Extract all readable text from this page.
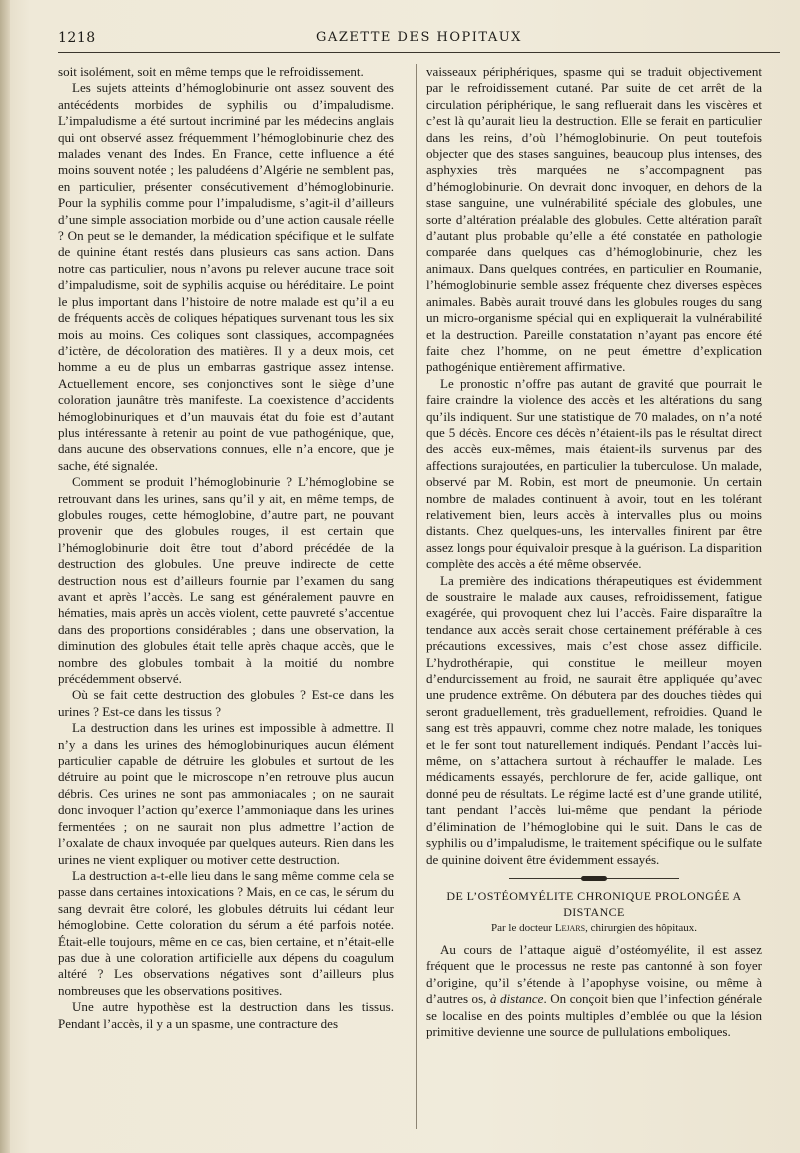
1218	GAZETTE DES HOPITAUX

soit isolément, soit en même temps que le refroidissement.

Les sujets atteints d’hémoglobinurie ont assez souvent des antécédents morbides de syphilis ou d’impaludisme. L’impaludisme a été surtout incriminé par les médecins anglais qui ont observé assez fréquemment l’hémoglobinurie chez des malades venant des Indes. En France, cette influence a été moins souvent notée ; les paludéens d’Algérie ne semblent pas, en particulier, présenter consécutivement d’hémoglobinurie. Pour la syphilis comme pour l’impaludisme, s’agit-il d’ailleurs d’une simple association morbide ou d’une action causale réelle ? On peut se le demander, la médication spécifique et le sulfate de quinine étant restés dans plusieurs cas sans action. Dans notre cas particulier, nous n’avons pu relever aucune trace soit d’impaludisme, soit de syphilis acquise ou héréditaire. Le point le plus important dans l’histoire de notre malade est qu’il a eu de fréquents accès de coliques hépatiques survenant tous les six mois au moins. Ces coliques sont classiques, accompagnées d’ictère, de décoloration des matières. Il y a deux mois, cet homme a eu de plus un embarras gastrique assez intense. Actuellement encore, ses conjonctives sont le siège d’une coloration jaunâtre très manifeste. La coexistence d’accidents hémoglobinuriques et d’un mauvais état du foie est d’autant plus intéressante à retenir au point de vue pathogénique, que, dans aucune des observations connues, elle n’a encore, que je sache, été signalée.

Comment se produit l’hémoglobinurie ? L’hémoglobine se retrouvant dans les urines, sans qu’il y ait, en même temps, de globules rouges, cette hémoglobine, d’autre part, ne pouvant provenir que des globules rouges, il est certain que l’hémoglobinurie doit être tout d’abord précédée de la destruction des globules. Une preuve indirecte de cette destruction nous est d’ailleurs fournie par l’examen du sang avant et après l’accès. Le sang est généralement pauvre en hématies, mais après un accès violent, cette pauvreté s’accentue dans des proportions considérables ; dans une observation, la diminution des globules était telle après chaque accès, que le nombre des globules tombait à la moitié du nombre précédemment observé.

Où se fait cette destruction des globules ? Est-ce dans les urines ? Est-ce dans les tissus ?

La destruction dans les urines est impossible à admettre. Il n’y a dans les urines des hémoglobinuriques aucun élément particulier capable de détruire les globules et surtout de les détruire au point que le microscope n’en retrouve plus aucun débris. Ces urines ne sont pas ammoniacales ; on ne saurait donc invoquer l’action qu’exerce l’ammoniaque dans les urines fermentées ; on ne saurait non plus admettre l’action de l’oxalate de chaux invoquée par quelques auteurs. Rien dans les urines ne vient expliquer ou motiver cette destruction.

La destruction a-t-elle lieu dans le sang même comme cela se passe dans certaines intoxications ? Mais, en ce cas, le sérum du sang devrait être coloré, les globules détruits lui cédant leur hémoglobine. Cette coloration du sérum a été parfois notée. Était-elle toujours, même en ce cas, bien certaine, et n’était-elle pas due à une coloration artificielle aux dépens du coagulum altéré ? Les observations négatives sont d’ailleurs plus nombreuses que les observations positives.

Une autre hypothèse est la destruction dans les tissus. Pendant l’accès, il y a un spasme, une contracture des

vaisseaux périphériques, spasme qui se traduit objectivement par le refroidissement cutané. Par suite de cet arrêt de la circulation périphérique, le sang refluerait dans les viscères et c’est là qu’aurait lieu la destruction. Elle se ferait en particulier dans les reins, d’où l’hémoglobinurie. On peut toutefois objecter que des stases sanguines, beaucoup plus intenses, des asphyxies très marquées ne s’accompagnent pas d’hémoglobinurie. On devrait donc invoquer, en dehors de la stase sanguine, une vulnérabilité spéciale des globules, une sorte d’altération préalable des globules. Cette altération paraît d’autant plus probable qu’elle a été constatée en pathologie comparée dans quelques cas d’hémoglobinurie, chez les animaux. Dans quelques contrées, en particulier en Roumanie, l’hémoglobinurie semble assez fréquente chez diverses espèces animales. Babès aurait trouvé dans les globules rouges du sang un micro-organisme spécial qui en expliquerait la vulnérabilité et la destruction. Pareille constatation n’ayant pas encore été faite chez l’homme, on ne peut émettre d’explication pathogénique entièrement affirmative.

Le pronostic n’offre pas autant de gravité que pourrait le faire craindre la violence des accès et les altérations du sang qu’ils indiquent. Sur une statistique de 70 malades, on n’a noté que 5 décès. Encore ces décès n’étaient-ils pas le résultat direct des accès eux-mêmes, mais étaient-ils survenus par des affections surajoutées, en particulier la tuberculose. Un malade, observé par M. Robin, est mort de pneumonie. Un certain nombre de malades continuent à avoir, tout en les tolérant relativement bien, leurs accès à intervalles plus ou moins distants. Chez quelques-uns, les intervalles finirent par être assez longs pour équivaloir presque à la guérison. La disparition complète des accès a été même observée.

La première des indications thérapeutiques est évidemment de soustraire le malade aux causes, refroidissement, fatigue exagérée, qui provoquent chez lui l’accès. Faire disparaître la tendance aux accès serait chose certainement préférable à ces précautions excessives, mais c’est chose assez difficile. L’hydrothérapie, qui constitue le meilleur moyen d’endurcissement au froid, ne saurait être appliquée qu’avec une prudence extrême. On débutera par des douches tièdes qui seront graduellement, très graduellement, refroidies. Quand le sang est très appauvri, comme chez notre malade, les toniques et le fer sont tout naturellement indiqués. Pendant l’accès lui-même, on s’attachera surtout à réchauffer le malade. Les médicaments essayés, perchlorure de fer, acide gallique, ont donné peu de résultats. Le régime lacté est d’une grande utilité, tant pendant l’accès lui-même que pendant la période d’élimination de l’hémoglobine qui le suit. Dans le cas de syphilis ou d’impaludisme, le traitement spécifique ou le sulfate de quinine doivent être évidemment essayés.

DE L’OSTÉOMYÉLITE CHRONIQUE PROLONGÉE A DISTANCE
Par le docteur Lejars, chirurgien des hôpitaux.

Au cours de l’attaque aiguë d’ostéomyélite, il est assez fréquent que le processus ne reste pas cantonné à son foyer d’origine, qu’il s’étende à l’apophyse voisine, ou même à d’autres os, à distance. On conçoit bien que l’infection générale se localise en des points multiples d’emblée ou que la lésion primitive devienne une source de pullulations emboliques.
